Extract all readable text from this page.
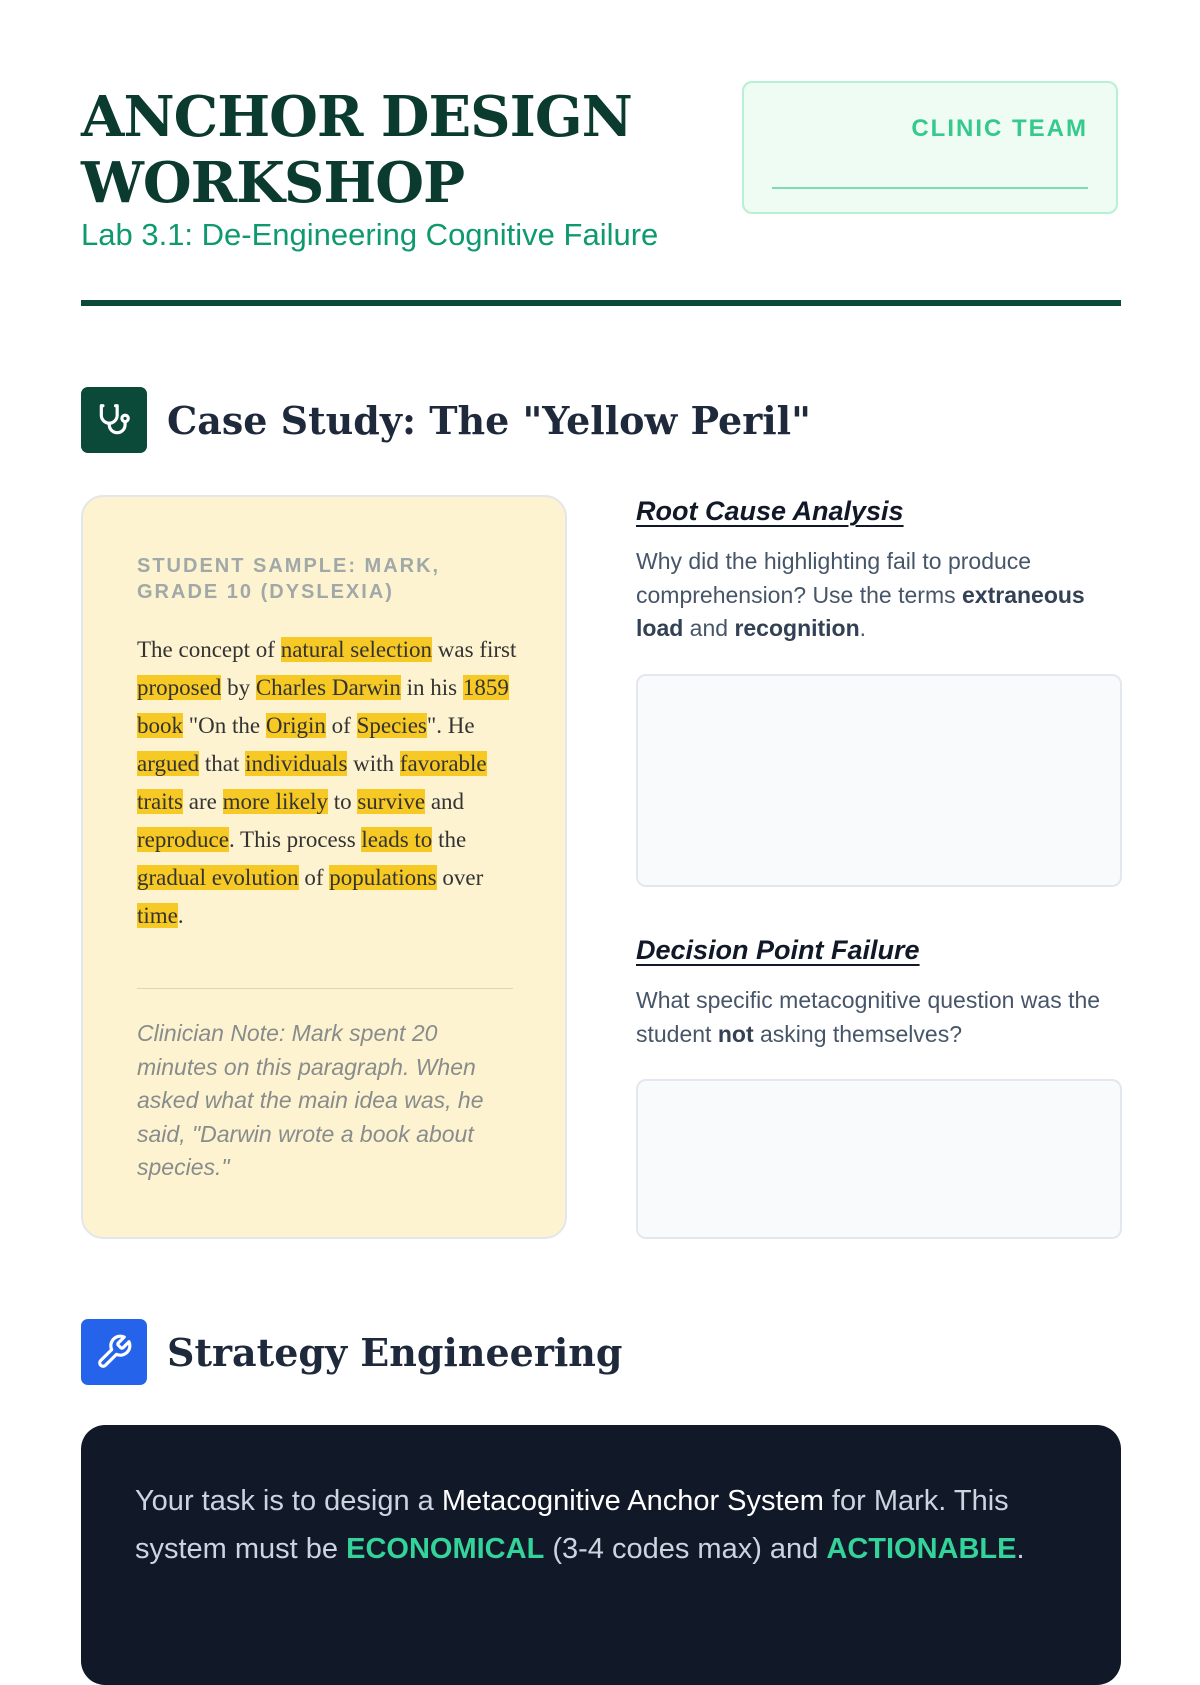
ANCHOR DESIGN WORKSHOP
Lab 3.1: De-Engineering Cognitive Failure
CLINIC TEAM
Case Study: The "Yellow Peril"
STUDENT SAMPLE: MARK, GRADE 10 (DYSLEXIA)
The concept of natural selection was first proposed by Charles Darwin in his 1859 book "On the Origin of Species". He argued that individuals with favorable traits are more likely to survive and reproduce. This process leads to the gradual evolution of populations over time.
Clinician Note: Mark spent 20 minutes on this paragraph. When asked what the main idea was, he said, "Darwin wrote a book about species."
Root Cause Analysis

Why did the highlighting fail to produce comprehension? Use the terms extraneous load and recognition.

Decision Point Failure

What specific metacognitive question was the student not asking themselves?

Strategy Engineering
Your task is to design a Metacognitive Anchor System for Mark. This system must be ECONOMICAL (3-4 codes max) and ACTIONABLE.
